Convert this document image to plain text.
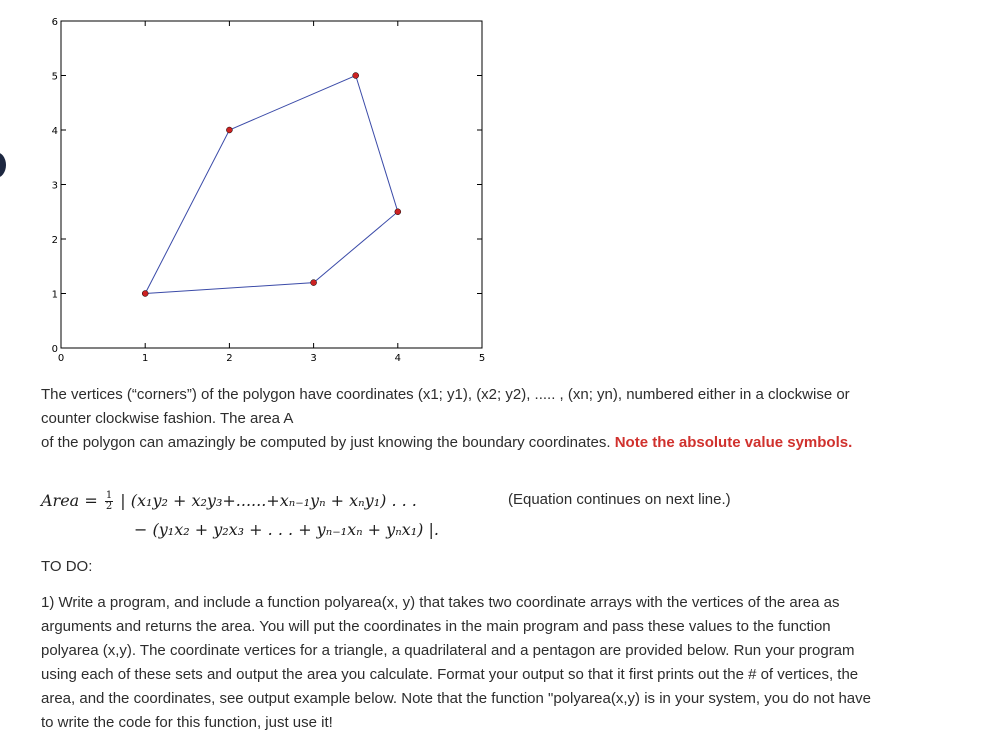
0	1	2	3	4	5
0
1
2
3
4
5
6

The vertices (“corners”) of the polygon have coordinates (x1; y1), (x2; y2), ..... , (xn; yn), numbered either in a clockwise or counter clockwise fashion. The area A
of the polygon can amazingly be computed by just knowing the boundary coordinates. Note the absolute value symbols.

Area = $\frac{1}{2}$ | (x₁y₂ + x₂y₃+......+xₙ₋₁yₙ + xₙy₁) . . .

− (y₁x₂ + y₂x₃ + . . . + yₙ₋₁xₙ + yₙx₁) |.

(Equation continues on next line.)

TO DO:

1) Write a program, and include a function polyarea(x, y) that takes two coordinate arrays with the vertices of the area as arguments and returns the area. You will put the coordinates in the main program and pass these values to the function polyarea (x,y). The coordinate vertices for a triangle, a quadrilateral and a pentagon are provided below. Run your program using each of these sets and output the area you calculate. Format your output so that it first prints out the # of vertices, the area, and the coordinates, see output example below. Note that the function "polyarea(x,y) is in your system, you do not have to write the code for this function, just use it!
